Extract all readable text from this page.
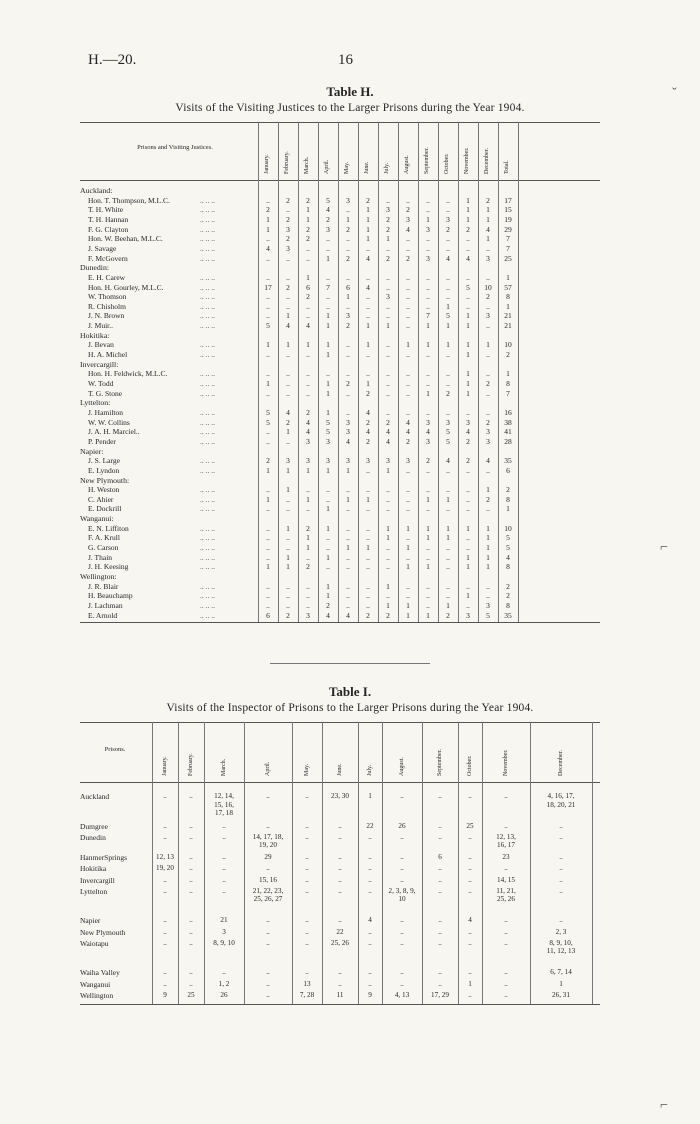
H.—20.	16
Table H.
Visits of the Visiting Justices to the Larger Prisons during the Year 1904.
Prisons and Visiting Justices.
January. February. March. April. May. June. July. August. September. October. November. December. Total.
Auckland:
Hon. T. Thompson, M.L.C.	.. .. ..	..	2	2	5	3	2	..	..	..	..	1	2	17
T. H. White	.. .. ..	2	..	1	4	..	1	3	2	..	..	1	1	15
T. H. Hannan	.. .. ..	1	2	1	2	1	1	2	3	1	3	1	1	19
F. G. Clayton	.. .. ..	1	3	2	3	2	1	2	4	3	2	2	4	29
Hon. W. Beehan, M.L.C.	.. .. ..	..	2	2	..	..	1	1	..	..	..	..	1	7
J. Savage	.. .. ..	4	3	..	..	..	..	..	..	..	..	..	..	7
F. McGovern	.. .. ..	..	..	..	1	2	4	2	2	3	4	4	3	25
Dunedin:
E. H. Carew	.. .. ..	..	..	1	..	..	..	..	..	..	..	..	..	1
Hon. H. Gourley, M.L.C.	.. .. ..	17	2	6	7	6	4	..	..	..	..	5	10	57
W. Thomson	.. .. ..	..	..	2	..	1	..	3	..	..	..	..	2	8
R. Chisholm	.. .. ..	..	..	..	..	..	..	..	..	..	1	..	..	1
J. N. Brown	.. .. ..	..	1	..	1	3	..	..	..	7	5	1	3	21
J. Muir..	.. .. ..	5	4	4	1	2	1	1	..	1	1	1	..	21
Hokitika:
J. Bevan	.. .. ..	1	1	1	1	..	1	..	1	1	1	1	1	10
H. A. Michel	.. .. ..	..	..	..	1	..	..	..	..	..	..	1	..	2
Invercargill:
Hon. H. Feldwick, M.L.C.	.. .. ..	..	..	..	..	..	..	..	..	..	..	1	..	1
W. Todd	.. .. ..	1	..	..	1	2	1	..	..	..	..	1	2	8
T. G. Stone	.. .. ..	..	..	..	1	..	2	..	..	1	2	1	..	7
Lyttelton:
J. Hamilton	.. .. ..	5	4	2	1	..	4	..	..	..	..	..	..	16
W. W. Collins	.. .. ..	5	2	4	5	3	2	2	4	3	3	3	2	38
J. A. H. Marciel..	.. .. ..	..	1	4	5	3	4	4	4	4	5	4	3	41
P. Pender	.. .. ..	..	..	3	3	4	2	4	2	3	5	2	3	28
Napier:
J. S. Large	.. .. ..	2	3	3	3	3	3	3	3	2	4	2	4	35
E. Lyndon	.. .. ..	1	1	1	1	1	..	1	..	..	..	..	..	6
New Plymouth:
H. Weston	.. .. ..	..	1	..	..	..	..	..	..	..	..	..	1	2
C. Ahier	.. .. ..	1	..	1	..	1	1	..	..	1	1	..	2	8
E. Dockrill	.. .. ..	..	..	..	1	..	..	..	..	..	..	..	..	1
Wanganui:
E. N. Liffiton	.. .. ..	..	1	2	1	..	..	1	1	1	1	1	1	10
F. A. Krull	.. .. ..	..	..	1	..	..	..	1	..	1	1	..	1	5
G. Carson	.. .. ..	..	..	1	..	1	1	..	1	..	..	..	1	5
J. Thain	.. .. ..	..	1	..	1	..	..	..	..	..	..	1	1	4
J. H. Keesing	.. .. ..	1	1	2	..	..	..	..	1	1	..	1	1	8
Wellington:
J. R. Blair	.. .. ..	..	..	..	1	..	..	1	..	..	..	..	..	2
H. Beauchamp	.. .. ..	..	..	..	1	..	..	..	..	..	..	1	..	2
J. Lachman	.. .. ..	..	..	..	2	..	..	1	1	..	1	..	3	8
E. Arnold	.. .. ..	6	2	3	4	4	2	2	1	1	2	3	5	35
Table I.
Visits of the Inspector of Prisons to the Larger Prisons during the Year 1904.
Prisons.
January.	February.	March.	April.	May.	June.	July.	August.	September.	October.	November.	December.
Auckland	..	..	12, 14,
15, 16,
17, 18
..	..	23, 30	1	..	..	..	..	4, 16, 17,
18, 20, 21
Dumgree	..	..	..	..	..	..	22	26	..	25	..	..
Dunedin	..	..	..	14, 17, 18,
19, 20
..	..	..	..	..	..	12, 13,
16, 17
..
HanmerSprings	12, 13	..	..	29	..	..	..	..	6	..	23	..
Hokitika	19, 20	..	..	..	..	..	..	..	..	..	..	..
Invercargill	..	..	..	15, 16	..	..	..	..	..	..	14, 15	..
Lyttelton	..	..	..	21, 22, 23,
25, 26, 27
..	..	..	2, 3, 8, 9,
10
..	..	11, 21,
25, 26
..
Napier	..	..	21	..	..	..	4	..	..	4	..	..
New Plymouth	..	..	3	..	..	22	..	..	..	..	..	2, 3
Waiotapu	..	..	8, 9, 10	..	..	25, 26	..	..	..	..	..	8, 9, 10,
11, 12, 13
Waiha Valley	..	..	..	..	..	..	..	..	..	..	..	6, 7, 14
Wanganui	..	..	1, 2	..	13	..	..	..	..	1	..	1
Wellington	9	25	26	..	7, 28	11	9	4, 13	17, 29	..	..	26, 31
ˇ
⌐
⌐
